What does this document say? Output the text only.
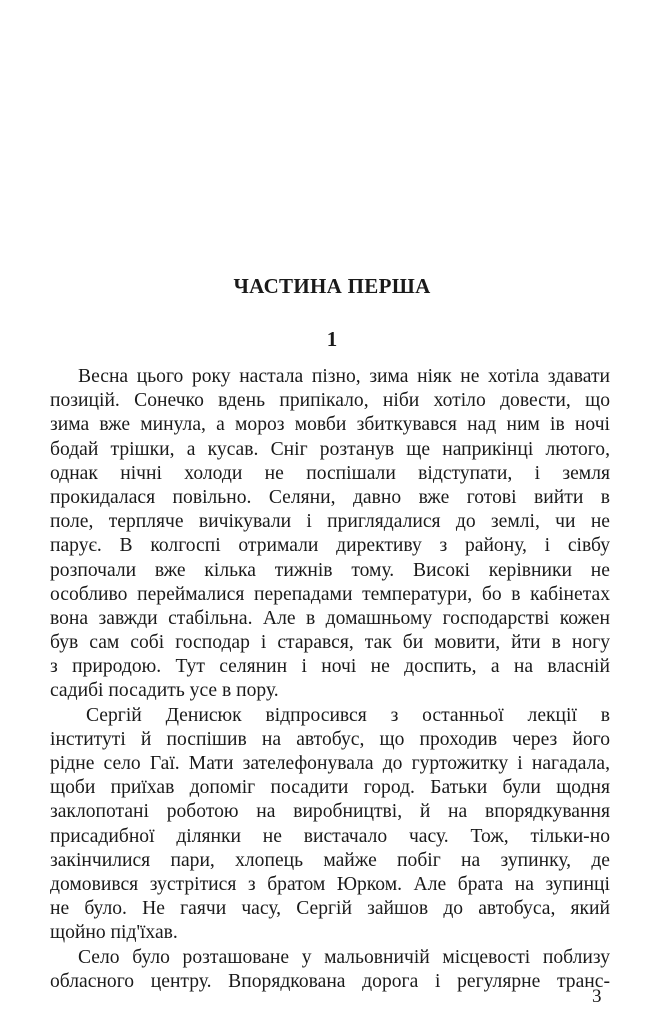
ЧАСТИНА ПЕРША
1
Весна цього року настала пізно, зима ніяк не хотіла здавати
позицій. Сонечко вдень припікало, ніби хотіло довести, що
зима вже минула, а мороз мовби збиткувався над ним ів ночі
бодай трішки, а кусав. Сніг розтанув ще наприкінці лютого,
однак нічні холоди не поспішали відступати, і земля
прокидалася повільно. Селяни, давно вже готові вийти в
поле, терпляче вичікували і приглядалися до землі, чи не
парує. В колгоспі отримали директиву з району, і сівбу
розпочали вже кілька тижнів тому. Високі керівники не
особливо переймалися перепадами температури, бо в кабінетах
вона завжди стабільна. Але в домашньому господарстві кожен
був сам собі господар і старався, так би мовити, йти в ногу
з природою. Тут селянин і ночі не доспить, а на власній
садибі посадить усе в пору.
Сергій Денисюк відпросився з останньої лекції в
інституті й поспішив на автобус, що проходив через його
рідне село Гаї. Мати зателефонувала до гуртожитку і нагадала,
щоби приїхав допоміг посадити город. Батьки були щодня
заклопотані роботою на виробництві, й на впорядкування
присадибної ділянки не вистачало часу. Тож, тільки-но
закінчилися пари, хлопець майже побіг на зупинку, де
домовився зустрітися з братом Юрком. Але брата на зупинці
не було. Не гаячи часу, Сергій зайшов до автобуса, який
щойно під'їхав.
Село було розташоване у мальовничій місцевості поблизу
обласного центру. Впорядкована дорога і регулярне транс-
3
